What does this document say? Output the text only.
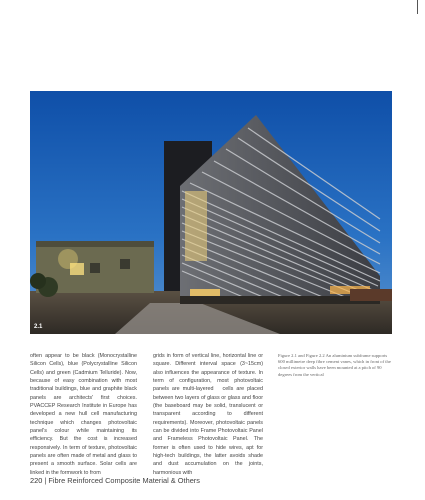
2.1
often appear to be black (Monocrystalline Silicon Cells), blue (Polycrystalline Silicon Cells) and green (Cadmium Telluride). Now, because of easy combination with most traditional buildings, blue and graphite black panels are architects' first choices. PVACCEP Research Institute in Europe has developed a new hull cell manufacturing technique which changes photovoltaic panel's colour while maintaining its efficiency. But the cost is increased responsively. In term of texture, photovoltaic panels are often made of metal and glass to present a smooth surface. Solar cells are linked in the formwork to from
grids in form of vertical line, horizontal line or square. Different interval space (3~15cm) also influences the appearance of texture. In term of configuration, most photovoltaic panels are multi-layered   cells are placed between two layers of glass or glass and floor (the baseboard may be solid, translucent or transparent according to different requirements). Moreover, photovoltaic panels can be divided into Frame Photovoltaic Panel and Frameless Photovoltaic Panel. The former is often used to hide wires, apt for high-tech buildings, the latter avoids shade and dust accumulation on the joints, harmonious with
Figure 2.1 and Figure 2.2 An aluminium subframe supports 600 millimetre deep fibre cement vanes, which in front of the closed exterior walls have been mounted at a pitch of 90 degrees from the vertical
220 | Fibre Reinforced Composite Material & Others
